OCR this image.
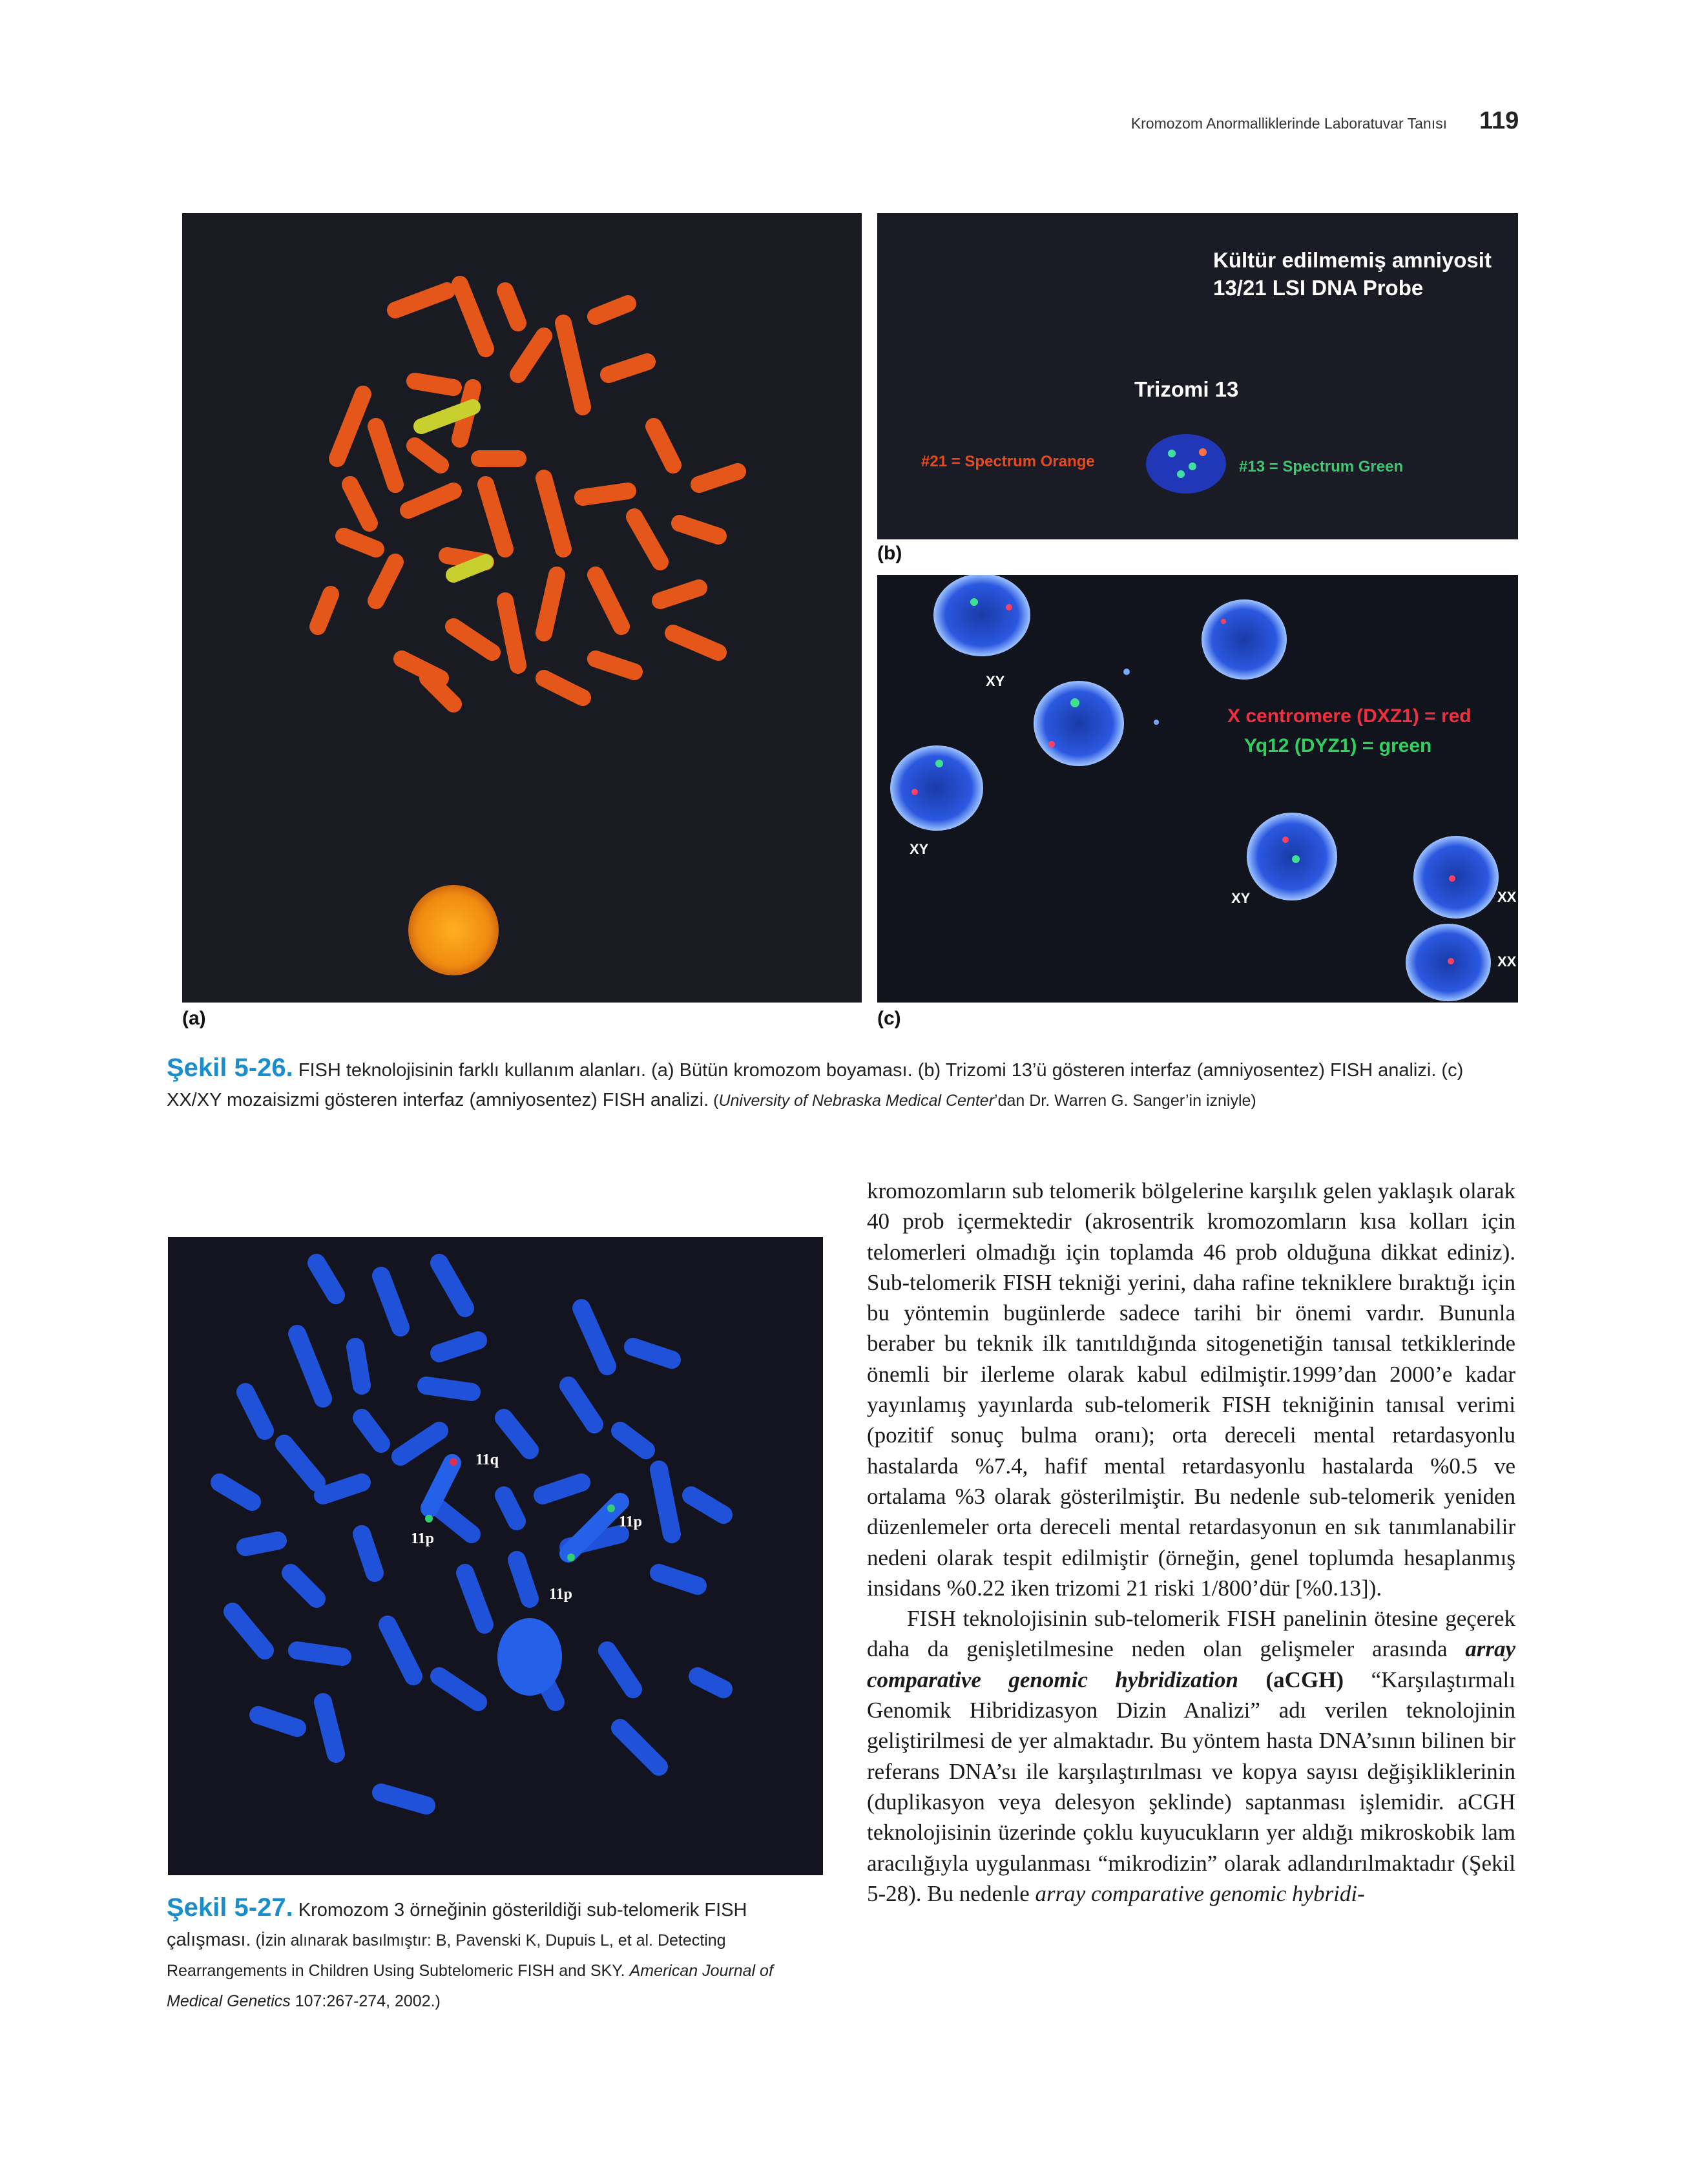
Kromozom Anormalliklerinde Laboratuvar Tanısı 119
(a)
Kültür edilmemiş amniyosit
13/21 LSI DNA Probe
Trizomi 13
#21 = Spectrum Orange	#13 = Spectrum Green
(b)
X centromere (DXZ1) = red
Yq12 (DYZ1) = green
XY
XY
XY	XX
XX
(c)
Şekil 5-26. FISH teknolojisinin farklı kullanım alanları. (a) Bütün kromozom boyaması. (b) Trizomi 13’ü gösteren interfaz (amniyosentez) FISH analizi. (c) XX/XY mozaisizmi gösteren interfaz (amniyosentez) FISH analizi. (University of Nebraska Medical Center’dan Dr. Warren G. Sanger’in izniyle)
11q
11p
11p
11p
Şekil 5-27. Kromozom 3 örneğinin gösterildiği sub-telomerik FISH çalışması. (İzin alınarak basılmıştır: B, Pavenski K, Dupuis L, et al. Detecting Rearrangements in Children Using Subtelomeric FISH and SKY. American Journal of Medical Genetics 107:267-274, 2002.)

kromozomların sub telomerik bölgelerine karşılık gelen yaklaşık olarak 40 prob içermektedir (akrosentrik kromozomların kısa kolları için telomerleri olmadığı için toplamda 46 prob olduğuna dikkat ediniz). Sub-telomerik FISH tekniği yerini, daha rafine tekniklere bıraktığı için bu yöntemin bugünlerde sadece tarihi bir önemi vardır. Bununla beraber bu teknik ilk tanıtıldığında sitogenetiğin tanısal tetkiklerinde önemli bir ilerleme olarak kabul edilmiştir.1999’dan 2000’e kadar yayınlamış yayınlarda sub-telomerik FISH tekniğinin tanısal verimi (pozitif sonuç bulma oranı); orta dereceli mental retardasyonlu hastalarda %7.4, hafif mental retardasyonlu hastalarda %0.5 ve ortalama %3 olarak gösterilmiştir. Bu nedenle sub-telomerik yeniden düzenlemeler orta dereceli mental retardasyonun en sık tanımlanabilir nedeni olarak tespit edilmiştir (örneğin, genel toplumda hesaplanmış insidans %0.22 iken trizomi 21 riski 1/800’dür [%0.13]).

FISH teknolojisinin sub-telomerik FISH panelinin ötesine geçerek daha da genişletilmesine neden olan gelişmeler arasında array comparative genomic hybridization (aCGH) “Karşılaştırmalı Genomik Hibridizasyon Dizin Analizi” adı verilen teknolojinin geliştirilmesi de yer almaktadır. Bu yöntem hasta DNA’sının bilinen bir referans DNA’sı ile karşılaştırılması ve kopya sayısı değişikliklerinin (duplikasyon veya delesyon şeklinde) saptanması işlemidir. aCGH teknolojisinin üzerinde çoklu kuyucukların yer aldığı mikroskobik lam aracılığıyla uygulanması “mikrodizin” olarak adlandırılmaktadır (Şekil 5-28). Bu nedenle array comparative genomic hybridi-
